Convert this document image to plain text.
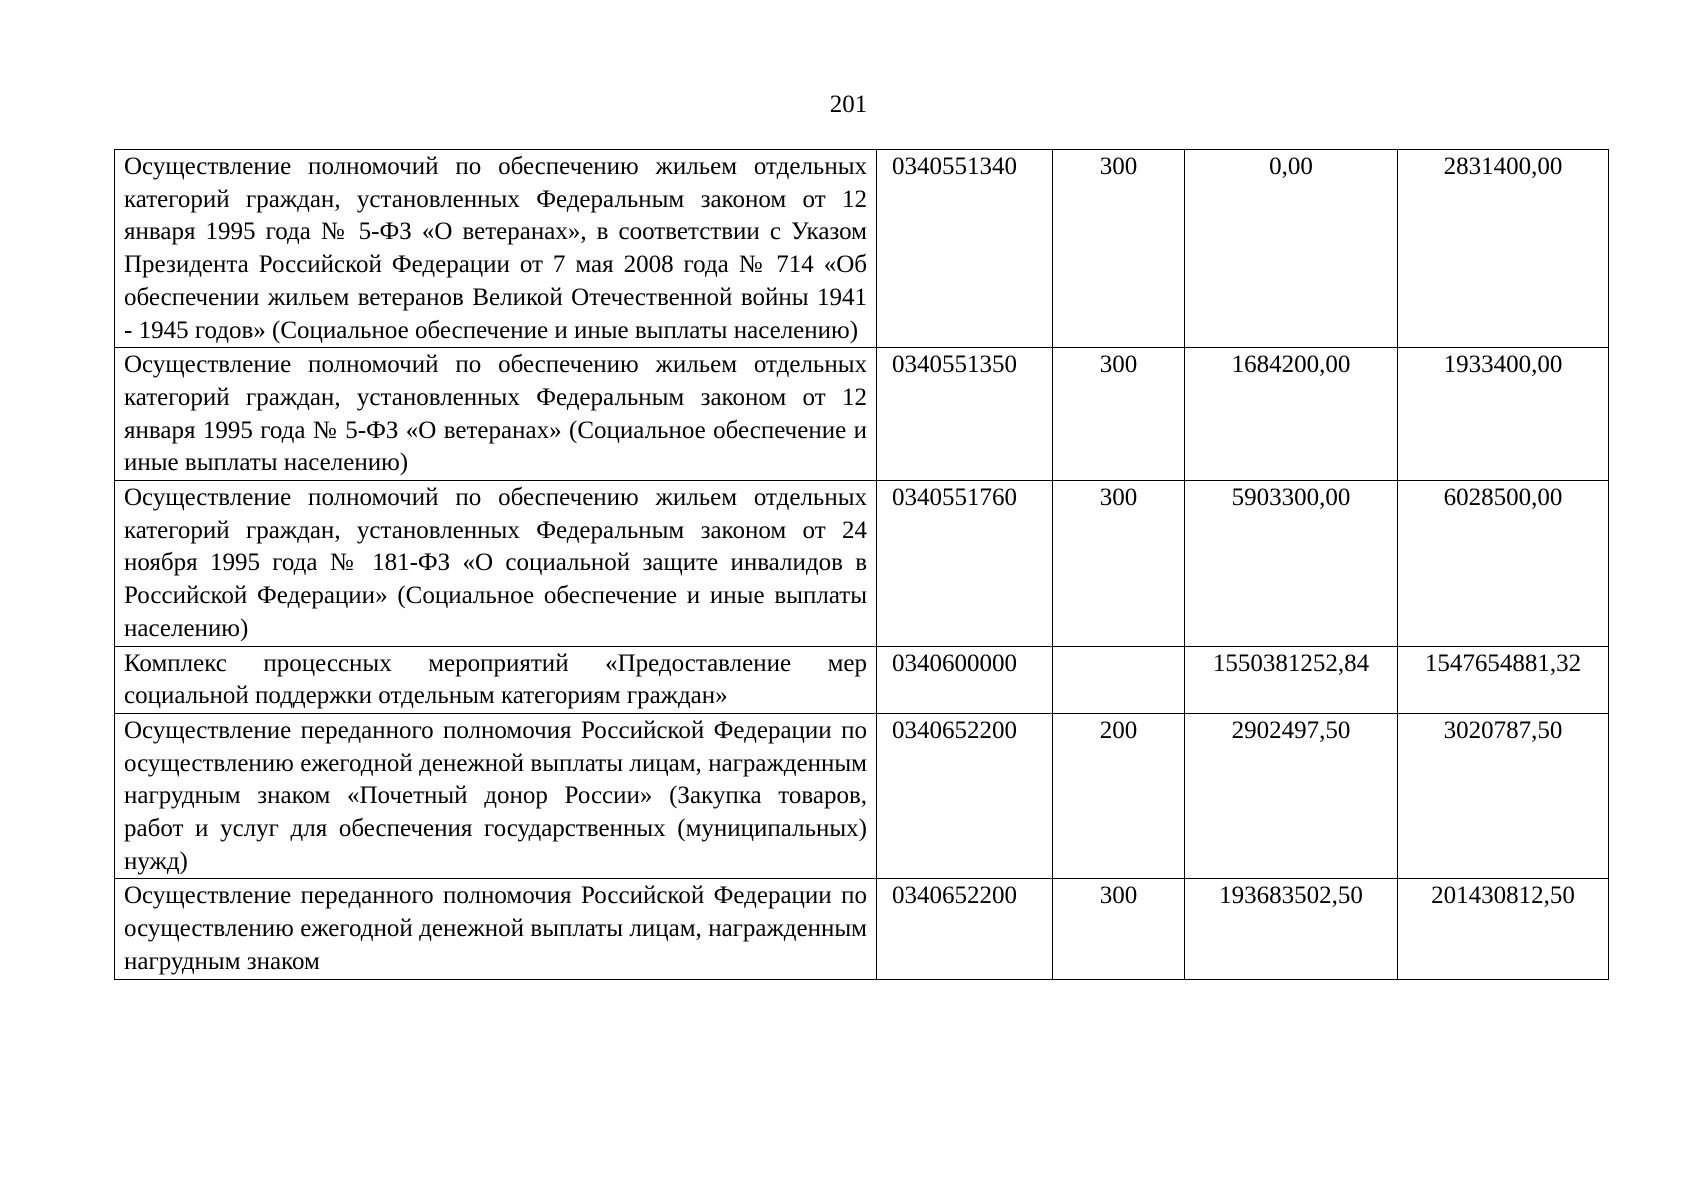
201
Осуществление полномочий по обеспечению жильем отдельных категорий граждан, установленных Федеральным законом от 12 января 1995 года № 5-ФЗ «О ветеранах», в соответствии с Указом Президента Российской Федерации от 7 мая 2008 года № 714 «Об обеспечении жильем ветеранов Великой Отечественной войны 1941 - 1945 годов» (Социальное обеспечение и иные выплаты населению)	0340551340	300	0,00	2831400,00
Осуществление полномочий по обеспечению жильем отдельных категорий граждан, установленных Федеральным законом от 12 января 1995 года № 5-ФЗ «О ветеранах» (Социальное обеспечение и иные выплаты населению)	0340551350	300	1684200,00	1933400,00
Осуществление полномочий по обеспечению жильем отдельных категорий граждан, установленных Федеральным законом от 24 ноября 1995 года № 181-ФЗ «О социальной защите инвалидов в Российской Федерации» (Социальное обеспечение и иные выплаты населению)	0340551760	300	5903300,00	6028500,00
Комплекс процессных мероприятий «Предоставление мер социальной поддержки отдельным категориям граждан»	0340600000		1550381252,84	1547654881,32
Осуществление переданного полномочия Российской Федерации по осуществлению ежегодной денежной выплаты лицам, награжденным нагрудным знаком «Почетный донор России» (Закупка товаров, работ и услуг для обеспечения государственных (муниципальных) нужд)	0340652200	200	2902497,50	3020787,50

Осуществление переданного полномочия Российской Федерации по осуществлению ежегодной денежной выплаты лицам, награжденным нагрудным знаком	0340652200	300	193683502,50	201430812,50
